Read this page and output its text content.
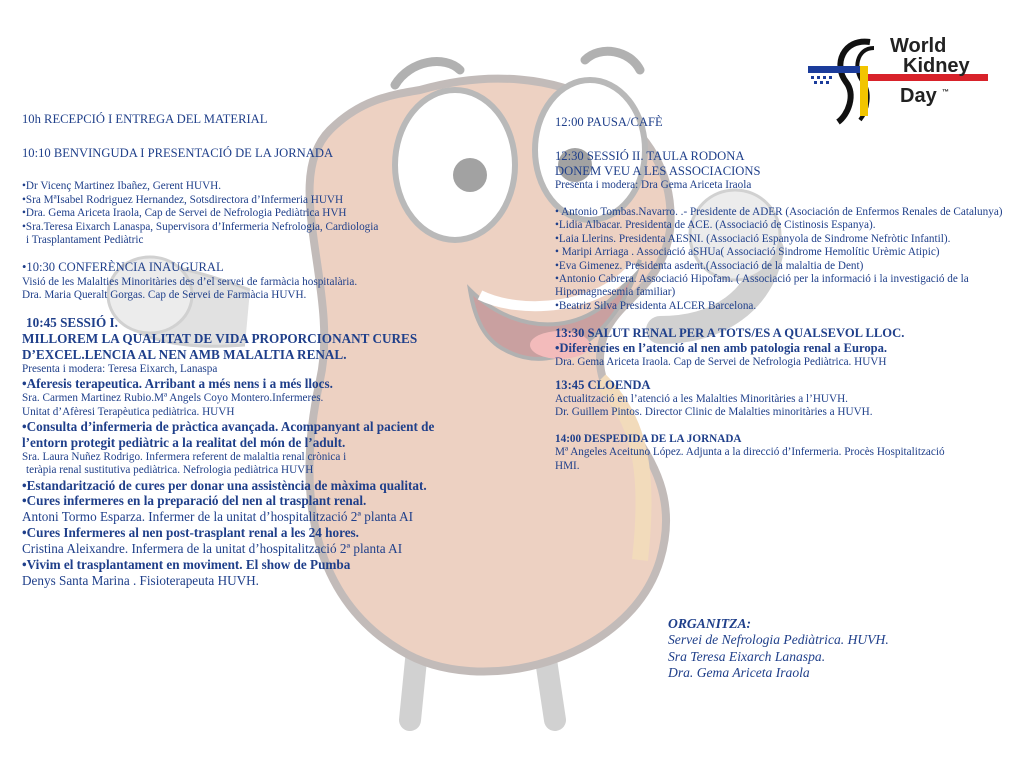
World
Kidney
Day ™
10h RECEPCIÓ I ENTREGA DEL MATERIAL
10:10 BENVINGUDA I PRESENTACIÓ DE LA JORNADA
•Dr Vicenç Martinez Ibañez, Gerent HUVH.
•Sra MªIsabel Rodriguez Hernandez, Sotsdirectora d’Infermeria HUVH
•Dra. Gema Ariceta Iraola, Cap de Servei de Nefrologia Pediàtrica HVH
•Sra.Teresa Eixarch Lanaspa, Supervisora d’Infermeria Nefrologia, Cardiologia
i Trasplantament Pediàtric
•10:30 CONFERÈNCIA INAUGURAL
Visió de les Malalties Minoritàries des d’el servei de farmàcia hospitalària.
Dra. Maria Queralt Gorgas. Cap de Servei de Farmàcia HUVH.
10:45 SESSIÓ I.
MILLOREM LA QUALITAT DE VIDA PROPORCIONANT CURES
D’EXCEL.LENCIA AL NEN AMB MALALTIA RENAL.
Presenta i modera: Teresa Eixarch, Lanaspa
•Aferesis terapeutica. Arribant a més nens i a més llocs.
Sra. Carmen Martinez Rubio.Mª Angels Coyo Montero.Infermeres.
Unitat d’Afèresi Terapèutica pediàtrica. HUVH
•Consulta d’infermeria de pràctica avançada. Acompanyant al pacient de
l’entorn protegit pediàtric a la realitat del món de l’adult.
Sra. Laura Nuñez Rodrigo. Infermera referent de malaltia renal crònica i
teràpia renal sustitutiva pediàtrica. Nefrologia pediàtrica HUVH
•Estandarització de cures per donar una assistència de màxima qualitat.
•Cures infermeres en la preparació del nen al trasplant renal.
Antoni Tormo Esparza. Infermer de la unitat d’hospitalització 2ª planta AI
•Cures Infermeres al nen post-trasplant renal a les 24 hores.
Cristina Aleixandre. Infermera de la unitat d’hospitalització 2ª planta AI
•Vivim el trasplantament en moviment. El show de Pumba
Denys Santa Marina . Fisioterapeuta HUVH.
12:00 PAUSA/CAFÈ
12:30 SESSIÓ II. TAULA RODONA
DONEM VEU A LES ASSOCIACIONS
Presenta i modera: Dra Gema Ariceta Iraola
• Antonio Tombas.Navarro. .- Presidente de ADER (Asociación de Enfermos Renales de Catalunya)
•Lidia Albacar. Presidenta de ACE. (Associació de Cistinosis Espanya).
•Laia Llerins. Presidenta AESNI. (Associació Espanyola de Sindrome Nefròtic Infantil).
• Maripi Arriaga . Associació aSHUa( Associació Sindrome Hemolític Urèmic Atipic)
•Eva Gimenez. Presidenta asdent.(Associació de la malaltia de Dent)
•Antonio Cabrera. Associació Hipofam. ( Associació per la informació i la investigació de la Hipomagnesemia familiar)
•Beatriz Silva Presidenta ALCER Barcelona.
13:30 SALUT RENAL PER A TOTS/ES A QUALSEVOL LLOC.
•Diferències en l’atenció al nen amb patologia renal a Europa.
Dra. Gema Ariceta Iraola. Cap de Servei de Nefrologia Pediàtrica. HUVH
13:45 CLOENDA
Actualització en l’atenció a les Malalties Minoritàries a l’HUVH.
Dr. Guillem Pintos. Director Clinic de Malalties minoritàries a HUVH.
14:00 DESPEDIDA DE LA JORNADA
Mª Angeles Aceituno López. Adjunta a la direcció d’Infermeria. Procès Hospitalització
HMI.
ORGANITZA:
Servei de Nefrologia Pediàtrica. HUVH.
Sra Teresa Eixarch Lanaspa.
Dra. Gema Ariceta Iraola
